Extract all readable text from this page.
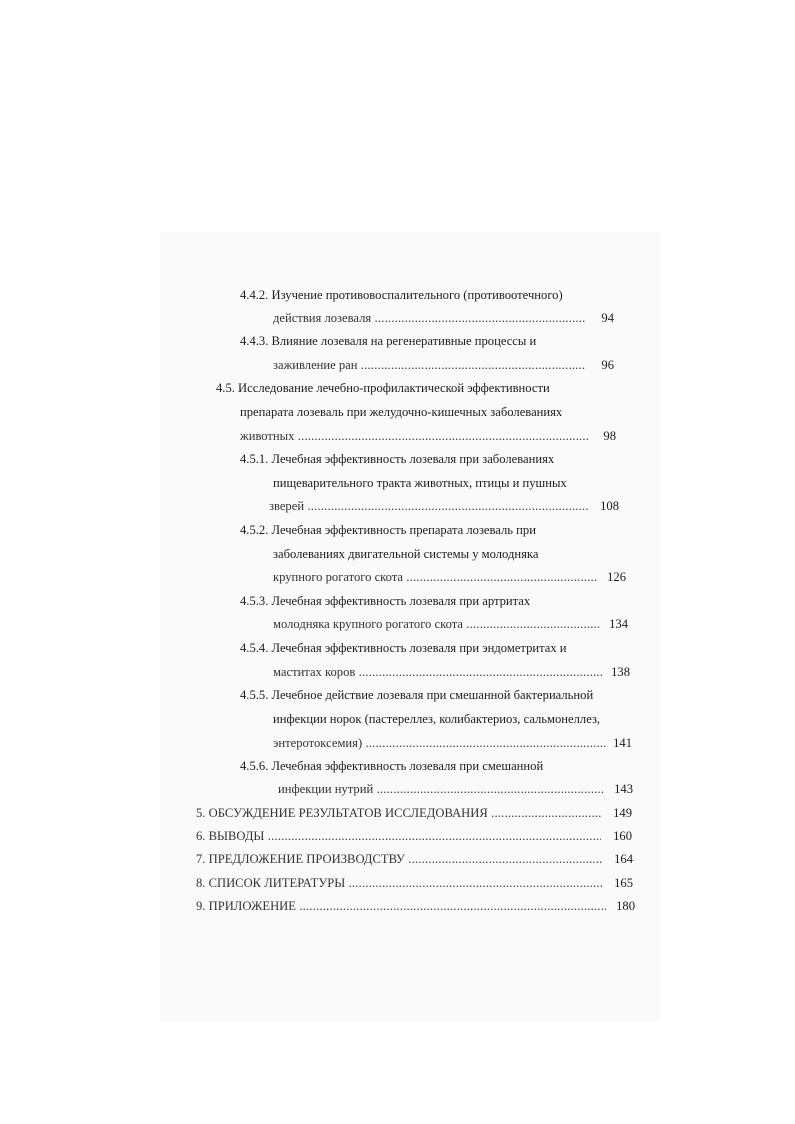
4.4.2. Изучение противовоспалительного (противоотечного)
действия лозеваля .....	94
4.4.3. Влияние лозеваля на регенеративные процессы и
заживление ран .....	96
4.5. Исследование лечебно-профилактической эффективности
препарата лозеваль при желудочно-кишечных заболеваниях
животных .....	98
4.5.1. Лечебная эффективность лозеваля при заболеваниях
пищеварительного тракта животных, птицы и пушных
зверей .....	108
4.5.2. Лечебная эффективность препарата лозеваль при
заболеваниях двигательной системы у молодняка
крупного рогатого скота .....	126
4.5.3. Лечебная эффективность лозеваля при артритах
молодняка крупного рогатого скота .....	134
4.5.4. Лечебная эффективность лозеваля при эндометритах и
маститах коров .....	138
4.5.5. Лечебное действие лозеваля при смешанной бактериальной
инфекции норок (пастереллез, колибактериоз, сальмонеллез,
энтеротоксемия) .....	141
4.5.6. Лечебная эффективность лозеваля при смешанной
инфекции нутрий .....	143
5. ОБСУЖДЕНИЕ РЕЗУЛЬТАТОВ ИССЛЕДОВАНИЯ .....	149
6. ВЫВОДЫ .....	160
7. ПРЕДЛОЖЕНИЕ ПРОИЗВОДСТВУ .....	164
8. СПИСОК ЛИТЕРАТУРЫ .....	165
9. ПРИЛОЖЕНИЕ .....	180
